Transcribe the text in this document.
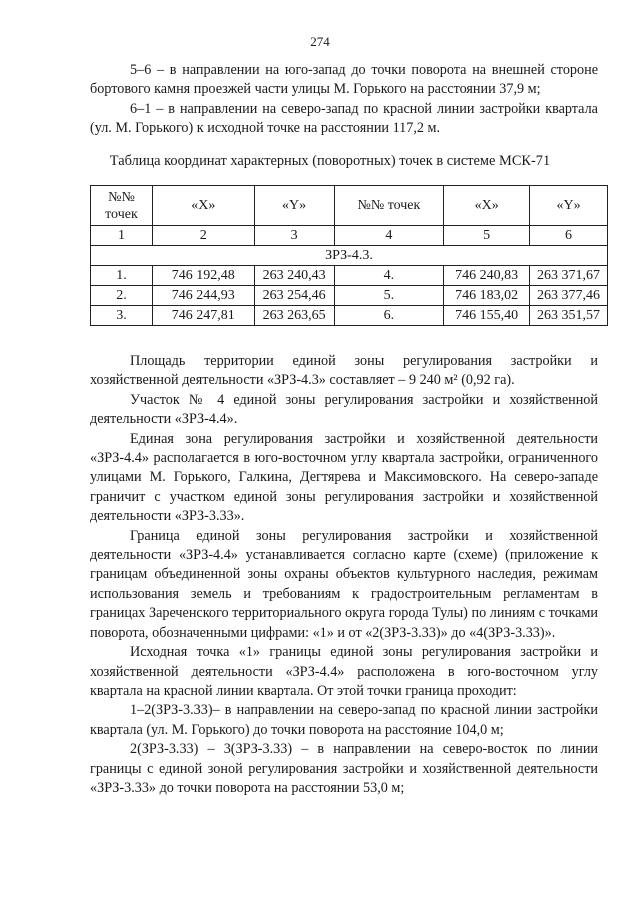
274

5–6 – в направлении на юго-запад до точки поворота на внешней стороне бортового камня проезжей части улицы М. Горького на расстоянии 37,9 м;

6–1 – в направлении на северо-запад по красной линии застройки квартала (ул. М. Горького) к исходной точке на расстоянии 117,2 м.

Таблица координат характерных (поворотных) точек в системе МСК-71
№№ точек	«X»	«Y»	№№ точек	«X»	«Y»
1	2	3	4	5	6
ЗРЗ-4.3.					
1.	746 192,48	263 240,43	4.	746 240,83	263 371,67
2.	746 244,93	263 254,46	5.	746 183,02	263 377,46
3.	746 247,81	263 263,65	6.	746 155,40	263 351,57

Площадь территории единой зоны регулирования застройки и хозяйственной деятельности «ЗРЗ-4.3» составляет – 9 240 м² (0,92 га).

Участок № 4 единой зоны регулирования застройки и хозяйственной деятельности «ЗРЗ-4.4».

Единая зона регулирования застройки и хозяйственной деятельности «ЗРЗ-4.4» располагается в юго-восточном углу квартала застройки, ограниченного улицами М. Горького, Галкина, Дегтярева и Максимовского. На северо-западе граничит с участком единой зоны регулирования застройки и хозяйственной деятельности «ЗРЗ-3.33».

Граница единой зоны регулирования застройки и хозяйственной деятельности «ЗРЗ-4.4» устанавливается согласно карте (схеме) (приложение к границам объединенной зоны охраны объектов культурного наследия, режимам использования земель и требованиям к градостроительным регламентам в границах Зареченского территориального округа города Тулы) по линиям с точками поворота, обозначенными цифрами: «1» и от «2(ЗРЗ-3.33)» до «4(ЗРЗ-3.33)».

Исходная точка «1» границы единой зоны регулирования застройки и хозяйственной деятельности «ЗРЗ-4.4» расположена в юго-восточном углу квартала на красной линии квартала. От этой точки граница проходит:

1–2(ЗРЗ-3.33)– в направлении на северо-запад по красной линии застройки квартала (ул. М. Горького) до точки поворота на расстояние 104,0 м;

2(ЗРЗ-3.33) – 3(ЗРЗ-3.33) – в направлении на северо-восток по линии границы с единой зоной регулирования застройки и хозяйственной деятельности «ЗРЗ-3.33» до точки поворота на расстоянии 53,0 м;
